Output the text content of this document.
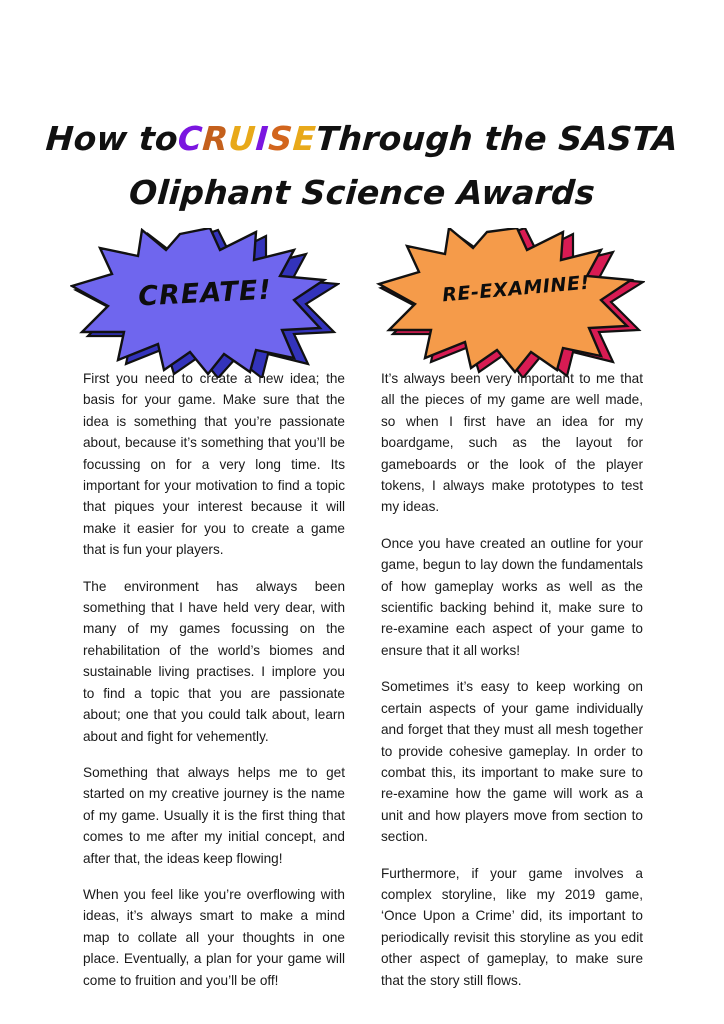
How toCRUISEThrough the SASTA
Oliphant Science Awards
CREATE!	RE-EXAMINE!

First you need to create a new idea; the basis for your game. Make sure that the idea is something that you’re passionate about, because it’s something that you’ll be focussing on for a very long time. Its important for your motivation to find a topic that piques your interest because it will make it easier for you to create a game that is fun your players.

The environment has always been something that I have held very dear, with many of my games focussing on the rehabilitation of the world’s biomes and sustainable living practises. I implore you to find a topic that you are passionate about; one that you could talk about, learn about and fight for vehemently.

Something that always helps me to get started on my creative journey is the name of my game. Usually it is the first thing that comes to me after my initial concept, and after that, the ideas keep flowing!

When you feel like you’re overflowing with ideas, it’s always smart to make a mind map to collate all your thoughts in one place. Eventually, a plan for your game will come to fruition and you’ll be off!

It’s always been very important to me that all the pieces of my game are well made, so when I first have an idea for my boardgame, such as the layout for gameboards or the look of the player tokens, I always make prototypes to test my ideas.

Once you have created an outline for your game, begun to lay down the fundamentals of how gameplay works as well as the scientific backing behind it, make sure to re-examine each aspect of your game to ensure that it all works!

Sometimes it’s easy to keep working on certain aspects of your game individually and forget that they must all mesh together to provide cohesive gameplay. In order to combat this, its important to make sure to re-examine how the game will work as a unit and how players move from section to section.

Furthermore, if your game involves a complex storyline, like my 2019 game, ‘Once Upon a Crime’ did, its important to periodically revisit this storyline as you edit other aspect of gameplay, to make sure that the story still flows.
